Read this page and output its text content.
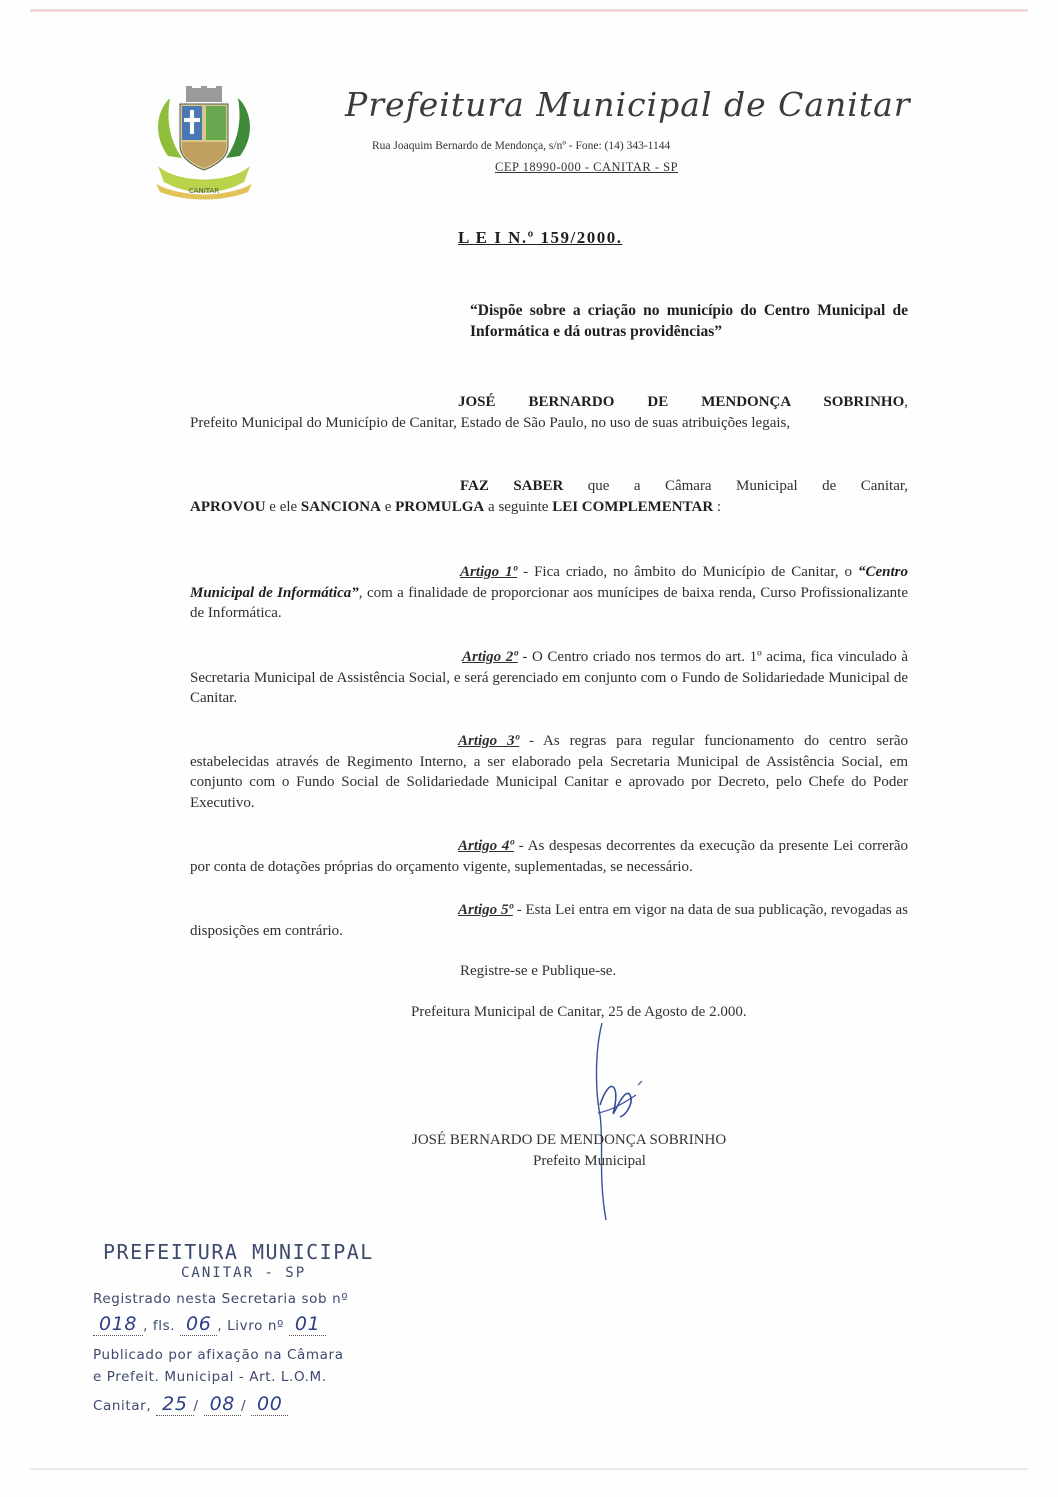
CANITAR
Prefeitura Municipal de Canitar
Rua Joaquim Bernardo de Mendonça, s/nº - Fone: (14) 343-1144
CEP 18990-000 - CANITAR - SP
L E I N.º 159/2000.
“Dispõe sobre a criação no município do Centro Municipal de Informática e dá outras providências”
JOSÉ BERNARDO DE MENDONÇA SOBRINHO,
Prefeito Municipal do Município de Canitar, Estado de São Paulo, no uso de suas atribuições legais,
FAZ SABER que a Câmara Municipal de Canitar,
APROVOU e ele SANCIONA e PROMULGA a seguinte LEI COMPLEMENTAR :
Artigo 1º - Fica criado, no âmbito do Município de Canitar, o “Centro Municipal de Informática”, com a finalidade de proporcionar aos munícipes de baixa renda, Curso Profissionalizante de Informática.
Artigo 2º - O Centro criado nos termos do art. 1º acima, fica vinculado à Secretaria Municipal de Assistência Social, e será gerenciado em conjunto com o Fundo de Solidariedade Municipal de Canitar.
Artigo 3º - As regras para regular funcionamento do centro serão estabelecidas através de Regimento Interno, a ser elaborado pela Secretaria Municipal de Assistência Social, em conjunto com o Fundo Social de Solidariedade Municipal Canitar e aprovado por Decreto, pelo Chefe do Poder Executivo.
Artigo 4º - As despesas decorrentes da execução da presente Lei correrão por conta de dotações próprias do orçamento vigente, suplementadas, se necessário.
Artigo 5º - Esta Lei entra em vigor na data de sua publicação, revogadas as disposições em contrário.
Registre-se e Publique-se.
Prefeitura Municipal de Canitar, 25 de Agosto de 2.000.
JOSÉ BERNARDO DE MENDONÇA SOBRINHO
Prefeito Municipal
PREFEITURA MUNICIPAL
CANITAR - SP
Registrado nesta Secretaria sob nº
018 , fls. 06 , Livro nº 01
Publicado por afixação na Câmara
e Prefeit. Municipal - Art. L.O.M.
Canitar, 25 / 08 / 00
